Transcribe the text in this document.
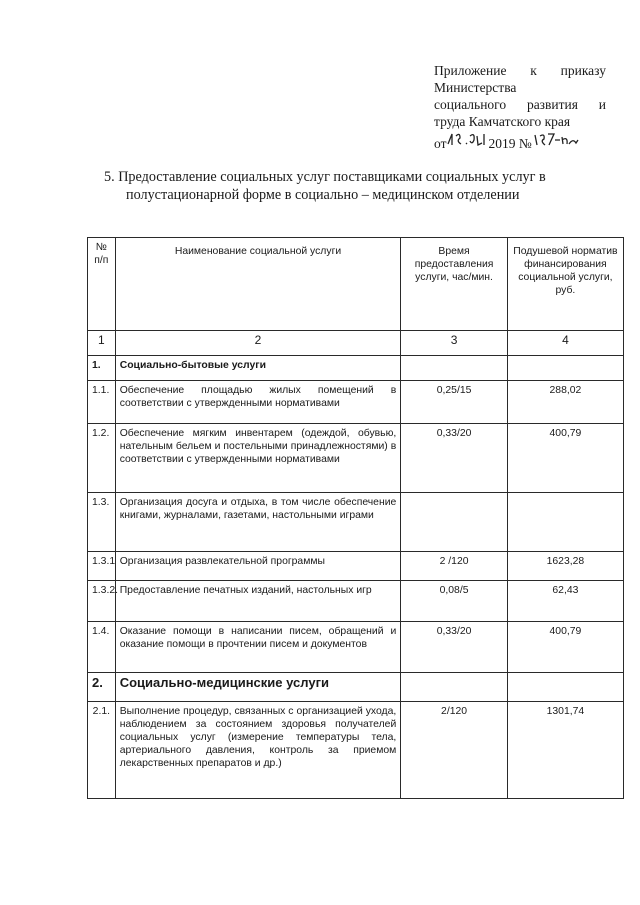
Приложение к приказу
Министерства
социального развития и
труда Камчатского края
от	2019 №
5. Предоставление социальных услуг поставщиками социальных услуг в
полустационарной форме в социально – медицинском отделении
№ п/п	Наименование социальной услуги	Время предоставления услуги, час/мин.	Подушевой норматив финансирования социальной услуги, руб.
1	2	3	4
1.	Социально-бытовые услуги		
1.1.	Обеспечение площадью жилых помещений в соответствии с утвержденными нормативами	0,25/15	288,02
1.2.	Обеспечение мягким инвентарем (одеждой, обувью, нательным бельем и постельными принадлежностями) в соответствии с утвержденными нормативами	0,33/20	400,79
1.3.	Организация досуга и отдыха, в том числе обеспечение книгами, журналами, газетами, настольными играми		
1.3.1	Организация развлекательной программы	2 /120	1623,28
1.3.2.	Предоставление печатных изданий, настольных игр	0,08/5	62,43
1.4.	Оказание помощи в написании писем, обращений и оказание помощи в прочтении писем и документов	0,33/20	400,79
2.	Социально-медицинские услуги		
2.1.	Выполнение процедур, связанных с организацией ухода, наблюдением за состоянием здоровья получателей социальных услуг (измерение температуры тела, артериального давления, контроль за приемом лекарственных препаратов и др.)	2/120	1301,74
